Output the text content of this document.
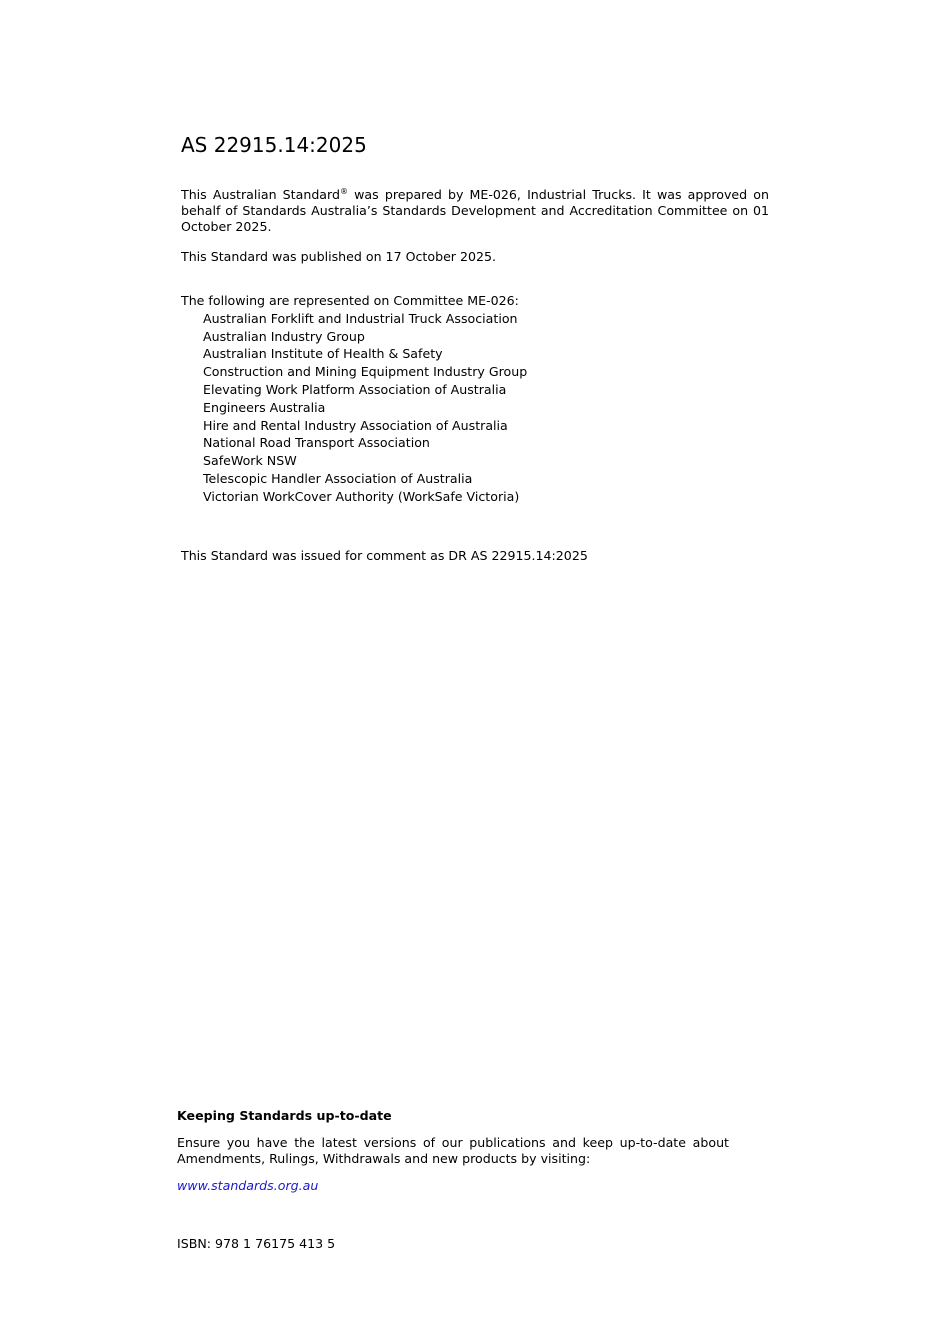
AS 22915.14:2025

This Australian Standard® was prepared by ME-026, Industrial Trucks. It was approved on behalf of Standards Australia’s Standards Development and Accreditation Committee on 01 October 2025.

This Standard was published on 17 October 2025.

The following are represented on Committee ME-026:
Australian Forklift and Industrial Truck Association
Australian Industry Group
Australian Institute of Health & Safety
Construction and Mining Equipment Industry Group
Elevating Work Platform Association of Australia
Engineers Australia
Hire and Rental Industry Association of Australia
National Road Transport Association
SafeWork NSW
Telescopic Handler Association of Australia
Victorian WorkCover Authority (WorkSafe Victoria)

This Standard was issued for comment as DR AS 22915.14:2025

Keeping Standards up-to-date

Ensure you have the latest versions of our publications and keep up-to-date about Amendments, Rulings, Withdrawals and new products by visiting:

www.standards.org.au
ISBN: 978 1 76175 413 5
